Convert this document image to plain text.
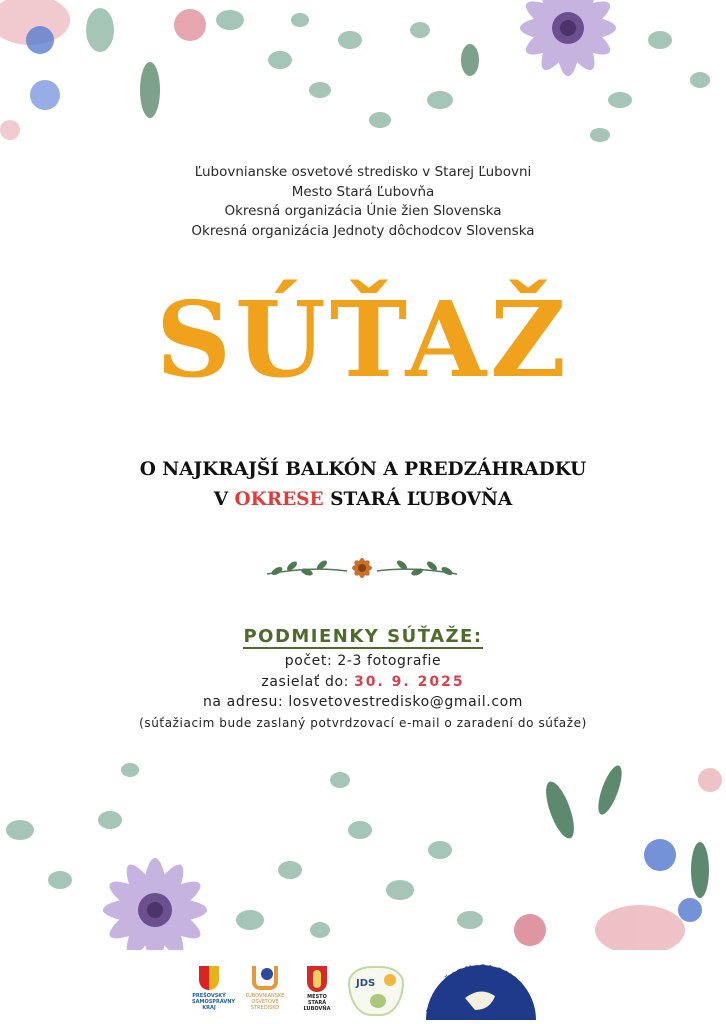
Ľubovnianske osvetové stredisko v Starej Ľubovni
Mesto Stará Ľubovňa
Okresná organizácia Únie žien Slovenska
Okresná organizácia Jednoty dôchodcov Slovenska
SÚŤAŽ
O NAJKRAJŠÍ BALKÓN A PREDZÁHRADKU
V OKRESE STARÁ ĽUBOVŇA
PODMIENKY SÚŤAŽE:
počet: 2-3 fotografie
zasielať do: 30. 9. 2025
na adresu: losvetovestredisko@gmail.com
(súťažiacim bude zaslaný potvrdzovací e-mail o zaradení do súťaže)
PREŠOVSKÝ SAMOSPRÁVNY KRAJ
ĽUBOVNIANSKE OSVETOVÉ STREDISKO
MESTO STARÁ ĽUBOVŇA
JDS
ÚNIA ŽIEN SLOVENSKA
